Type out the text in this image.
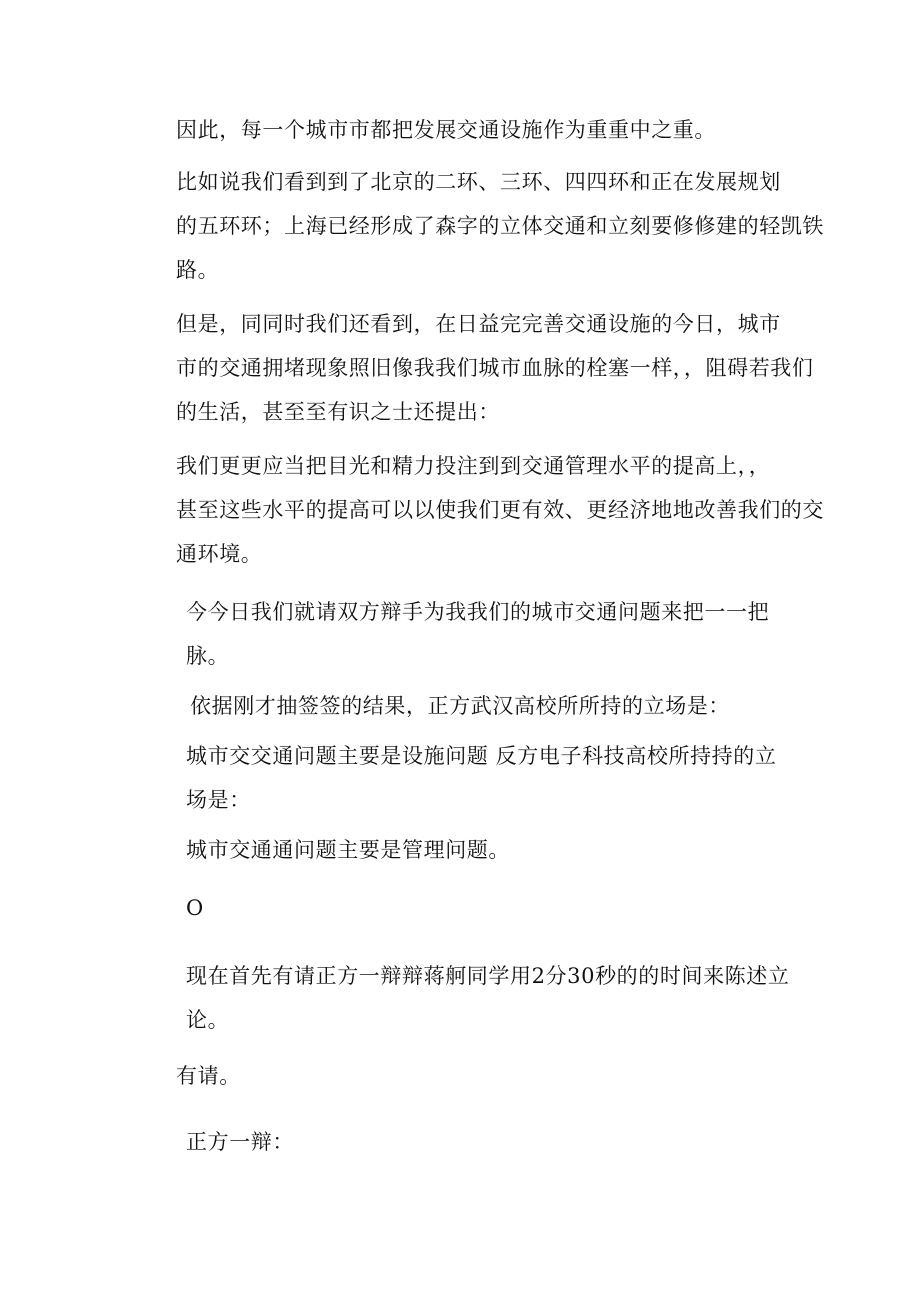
因此，每一个城市市都把发展交通设施作为重重中之重。

比如说我们看到到了北京的二环、三环、四四环和正在发展规划
的五环环；上海已经形成了森字的立体交通和立刻要修修建的轻凯铁
路。

但是，同同时我们还看到，在日益完完善交通设施的今日，城市
市的交通拥堵现象照旧像我我们城市血脉的栓塞一样，，阻碍若我们
的生活，甚至至有识之士还提出：

我们更更应当把目光和精力投注到到交通管理水平的提高上，，
甚至这些水平的提高可以以使我们更有效、更经济地地改善我们的交
通环境。

今今日我们就请双方辩手为我我们的城市交通问题来把一一把
脉。

依据刚才抽签签的结果，正方武汉高校所所持的立场是：

城市交交通问题主要是设施问题 反方电子科技高校所持持的立
场是：

城市交通通问题主要是管理问题。

O

现在首先有请正方一辩辩蒋舸同学用2分30秒的的时间来陈述立
论。

有请。

正方一辩：
